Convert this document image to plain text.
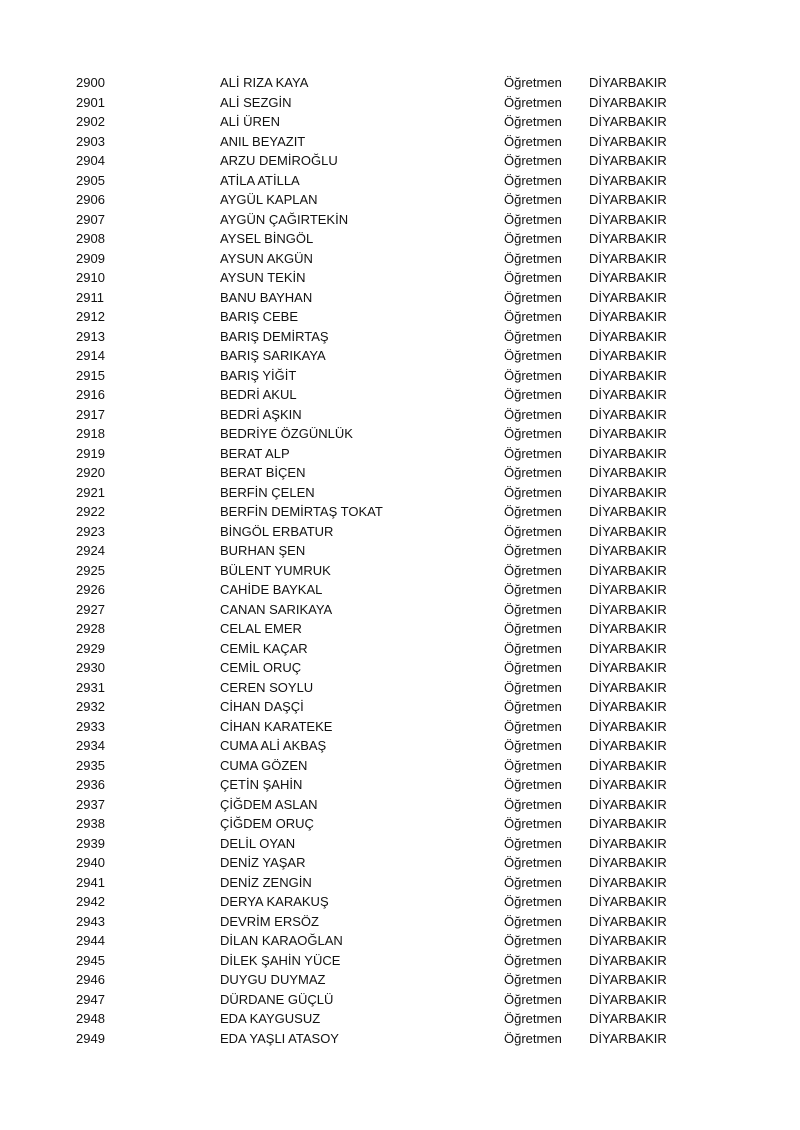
2900	ALİ RIZA KAYA	Öğretmen DİYARBAKIR
2901	ALİ SEZGİN	Öğretmen DİYARBAKIR
2902	ALİ ÜREN	Öğretmen DİYARBAKIR
2903	ANIL BEYAZIT	Öğretmen DİYARBAKIR
2904	ARZU DEMİROĞLU	Öğretmen DİYARBAKIR
2905	ATİLA ATİLLA	Öğretmen DİYARBAKIR
2906	AYGÜL KAPLAN	Öğretmen DİYARBAKIR
2907	AYGÜN ÇAĞIRTEKİN	Öğretmen DİYARBAKIR
2908	AYSEL BİNGÖL	Öğretmen DİYARBAKIR
2909	AYSUN AKGÜN	Öğretmen DİYARBAKIR
2910	AYSUN TEKİN	Öğretmen DİYARBAKIR
2911	BANU BAYHAN	Öğretmen DİYARBAKIR
2912	BARIŞ CEBE	Öğretmen DİYARBAKIR
2913	BARIŞ DEMİRTAŞ	Öğretmen DİYARBAKIR
2914	BARIŞ SARIKAYA	Öğretmen DİYARBAKIR
2915	BARIŞ YİĞİT	Öğretmen DİYARBAKIR
2916	BEDRİ AKUL	Öğretmen DİYARBAKIR
2917	BEDRİ AŞKIN	Öğretmen DİYARBAKIR
2918	BEDRİYE ÖZGÜNLÜK	Öğretmen DİYARBAKIR
2919	BERAT ALP	Öğretmen DİYARBAKIR
2920	BERAT BİÇEN	Öğretmen DİYARBAKIR
2921	BERFİN ÇELEN	Öğretmen DİYARBAKIR
2922	BERFİN DEMİRTAŞ TOKAT	Öğretmen DİYARBAKIR
2923	BİNGÖL ERBATUR	Öğretmen DİYARBAKIR
2924	BURHAN ŞEN	Öğretmen DİYARBAKIR
2925	BÜLENT YUMRUK	Öğretmen DİYARBAKIR
2926	CAHİDE BAYKAL	Öğretmen DİYARBAKIR
2927	CANAN SARIKAYA	Öğretmen DİYARBAKIR
2928	CELAL EMER	Öğretmen DİYARBAKIR
2929	CEMİL KAÇAR	Öğretmen DİYARBAKIR
2930	CEMİL ORUÇ	Öğretmen DİYARBAKIR
2931	CEREN SOYLU	Öğretmen DİYARBAKIR
2932	CİHAN DAŞÇİ	Öğretmen DİYARBAKIR
2933	CİHAN KARATEKE	Öğretmen DİYARBAKIR
2934	CUMA ALİ AKBAŞ	Öğretmen DİYARBAKIR
2935	CUMA GÖZEN	Öğretmen DİYARBAKIR
2936	ÇETİN ŞAHİN	Öğretmen DİYARBAKIR
2937	ÇİĞDEM ASLAN	Öğretmen DİYARBAKIR
2938	ÇİĞDEM ORUÇ	Öğretmen DİYARBAKIR
2939	DELİL OYAN	Öğretmen DİYARBAKIR
2940	DENİZ YAŞAR	Öğretmen DİYARBAKIR
2941	DENİZ ZENGİN	Öğretmen DİYARBAKIR
2942	DERYA KARAKUŞ	Öğretmen DİYARBAKIR
2943	DEVRİM ERSÖZ	Öğretmen DİYARBAKIR
2944	DİLAN KARAOĞLAN	Öğretmen DİYARBAKIR
2945	DİLEK ŞAHİN YÜCE	Öğretmen DİYARBAKIR
2946	DUYGU DUYMAZ	Öğretmen DİYARBAKIR
2947	DÜRDANE GÜÇLÜ	Öğretmen DİYARBAKIR
2948	EDA KAYGUSUZ	Öğretmen DİYARBAKIR
2949	EDA YAŞLI ATASOY	Öğretmen DİYARBAKIR
